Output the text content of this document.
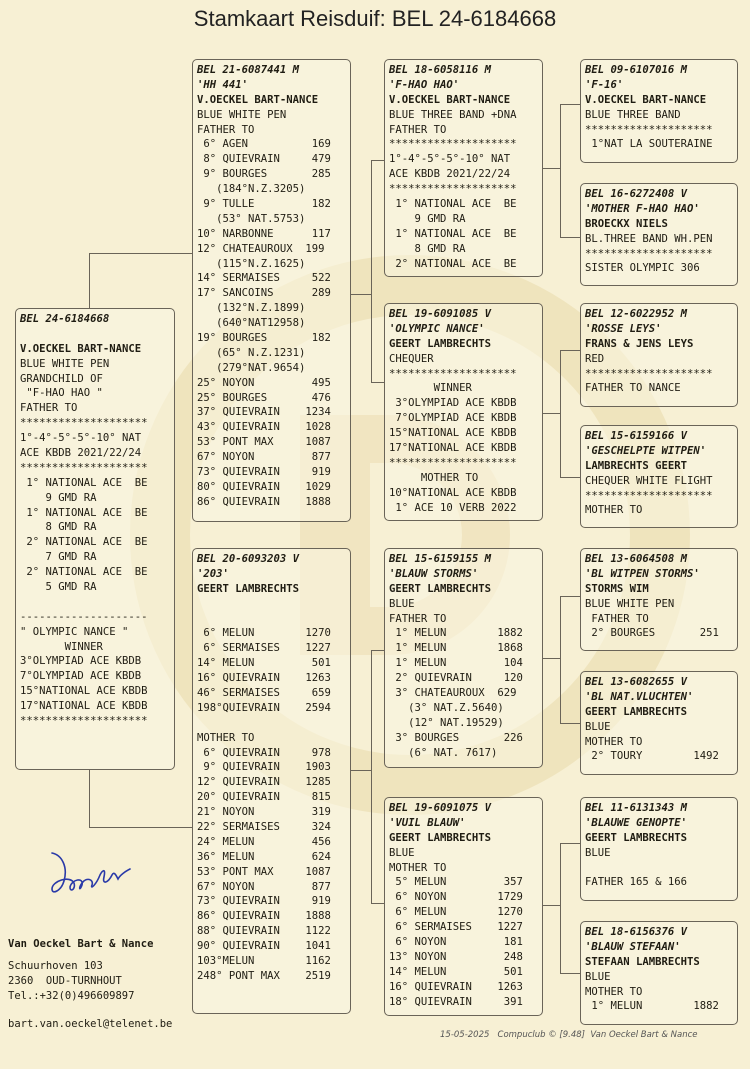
Stamkaart Reisduif: BEL 24-6184668
BEL 24-6184668
V.OECKEL BART-NANCE
BLUE WHITE PEN
GRANDCHILD OF
"F-HAO HAO "
FATHER TO
********************
1°-4°-5°-5°-10° NAT
ACE KBDB 2021/22/24
********************
1° NATIONAL ACE  BE
9 GMD RA
1° NATIONAL ACE  BE
8 GMD RA
2° NATIONAL ACE  BE
7 GMD RA
2° NATIONAL ACE  BE
5 GMD RA
--------------------
" OLYMPIC NANCE "
WINNER
3°OLYMPIAD ACE KBDB
7°OLYMPIAD ACE KBDB
15°NATIONAL ACE KBDB
17°NATIONAL ACE KBDB
********************
BEL 21-6087441 M
'HH 441'
V.OECKEL BART-NANCE
BLUE WHITE PEN
FATHER TO
6° AGEN          169
8° QUIEVRAIN     479
9° BOURGES       285
(184°N.Z.3205)
9° TULLE         182
(53° NAT.5753)
10° NARBONNE      117
12° CHATEAUROUX  199
(115°N.Z.1625)
14° SERMAISES     522
17° SANCOINS      289
(132°N.Z.1899)
(640°NAT12958)
19° BOURGES       182
(65° N.Z.1231)
(279°NAT.9654)
25° NOYON         495
25° BOURGES       476
37° QUIEVRAIN    1234
43° QUIEVRAIN    1028
53° PONT MAX     1087
67° NOYON         877
73° QUIEVRAIN     919
80° QUIEVRAIN    1029
86° QUIEVRAIN    1888
BEL 20-6093203 V
'203'
GEERT LAMBRECHTS
6° MELUN        1270
6° SERMAISES    1227
14° MELUN         501
16° QUIEVRAIN    1263
46° SERMAISES     659
198°QUIEVRAIN    2594
MOTHER TO
6° QUIEVRAIN     978
9° QUIEVRAIN    1903
12° QUIEVRAIN    1285
20° QUIEVRAIN     815
21° NOYON         319
22° SERMAISES     324
24° MELUN         456
36° MELUN         624
53° PONT MAX     1087
67° NOYON         877
73° QUIEVRAIN     919
86° QUIEVRAIN    1888
88° QUIEVRAIN    1122
90° QUIEVRAIN    1041
103°MELUN        1162
248° PONT MAX    2519
BEL 18-6058116 M
'F-HAO HAO'
V.OECKEL BART-NANCE
BLUE THREE BAND +DNA
FATHER TO
********************
1°-4°-5°-5°-10° NAT
ACE KBDB 2021/22/24
********************
1° NATIONAL ACE  BE
9 GMD RA
1° NATIONAL ACE  BE
8 GMD RA
2° NATIONAL ACE  BE
BEL 19-6091085 V
'OLYMPIC NANCE'
GEERT LAMBRECHTS
CHEQUER
********************
WINNER
3°OLYMPIAD ACE KBDB
7°OLYMPIAD ACE KBDB
15°NATIONAL ACE KBDB
17°NATIONAL ACE KBDB
********************
MOTHER TO
10°NATIONAL ACE KBDB
1° ACE 10 VERB 2022
BEL 15-6159155 M
'BLAUW STORMS'
GEERT LAMBRECHTS
BLUE
FATHER TO
1° MELUN        1882
1° MELUN        1868
1° MELUN         104
2° QUIEVRAIN     120
3° CHATEAUROUX  629
(3° NAT.Z.5640)
(12° NAT.19529)
3° BOURGES       226
(6° NAT. 7617)
BEL 19-6091075 V
'VUIL BLAUW'
GEERT LAMBRECHTS
BLUE
MOTHER TO
5° MELUN         357
6° NOYON        1729
6° MELUN        1270
6° SERMAISES    1227
6° NOYON         181
13° NOYON         248
14° MELUN         501
16° QUIEVRAIN    1263
18° QUIEVRAIN     391
BEL 09-6107016 M
'F-16'
V.OECKEL BART-NANCE
BLUE THREE BAND
********************
1°NAT LA SOUTERAINE
BEL 16-6272408 V
'MOTHER F-HAO HAO'
BROECKX NIELS
BL.THREE BAND WH.PEN
********************
SISTER OLYMPIC 306
BEL 12-6022952 M
'ROSSE LEYS'
FRANS & JENS LEYS
RED
********************
FATHER TO NANCE
BEL 15-6159166 V
'GESCHELPTE WITPEN'
LAMBRECHTS GEERT
CHEQUER WHITE FLIGHT
********************
MOTHER TO
BEL 13-6064508 M
'BL WITPEN STORMS'
STORMS WIM
BLUE WHITE PEN
FATHER TO
2° BOURGES       251
BEL 13-6082655 V
'BL NAT.VLUCHTEN'
GEERT LAMBRECHTS
BLUE
MOTHER TO
2° TOURY        1492
BEL 11-6131343 M
'BLAUWE GENOPTE'
GEERT LAMBRECHTS
BLUE
FATHER 165 & 166
BEL 18-6156376 V
'BLAUW STEFAAN'
STEFAAN LAMBRECHTS
BLUE
MOTHER TO
1° MELUN        1882
Van Oeckel Bart & Nance
Schuurhoven 103
2360  OUD-TURNHOUT
Tel.:+32(0)496609897
bart.van.oeckel@telenet.be
15-05-2025   Compuclub © [9.48]  Van Oeckel Bart & Nance
